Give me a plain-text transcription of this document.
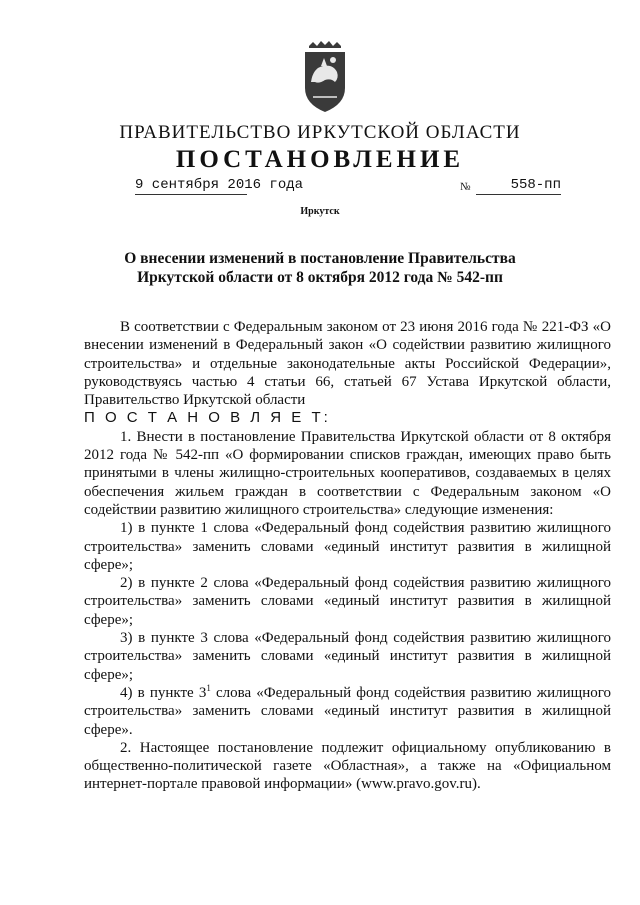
ПРАВИТЕЛЬСТВО ИРКУТСКОЙ ОБЛАСТИ
ПОСТАНОВЛЕНИЕ
9 сентября 2016 года	№	558-пп
Иркутск
О внесении изменений в постановление Правительства
Иркутской области от 8 октября 2012 года № 542-пп

В соответствии с Федеральным законом от 23 июня 2016 года № 221-ФЗ «О внесении изменений в Федеральный закон «О содействии развитию жилищного строительства» и отдельные законодательные акты Российской Федерации», руководствуясь частью 4 статьи 66, статьей 67 Устава Иркутской области, Правительство Иркутской области

П О С Т А Н О В Л Я Е Т:

1. Внести в постановление Правительства Иркутской области от 8 октября 2012 года № 542-пп «О формировании списков граждан, имеющих право быть принятыми в члены жилищно-строительных кооперативов, создаваемых в целях обеспечения жильем граждан в соответствии с Федеральным законом «О содействии развитию жилищного строительства» следующие изменения:

1) в пункте 1 слова «Федеральный фонд содействия развитию жилищного строительства» заменить словами «единый институт развития в жилищной сфере»;

2) в пункте 2 слова «Федеральный фонд содействия развитию жилищного строительства» заменить словами «единый институт развития в жилищной сфере»;

3) в пункте 3 слова «Федеральный фонд содействия развитию жилищного строительства» заменить словами «единый институт развития в жилищной сфере»;

4) в пункте $3^1$ слова «Федеральный фонд содействия развитию жилищного строительства» заменить словами «единый институт развития в жилищной сфере».

2. Настоящее постановление подлежит официальному опубликованию в общественно-политической газете «Областная», а также на «Официальном интернет-портале правовой информации» (www.pravo.gov.ru).
